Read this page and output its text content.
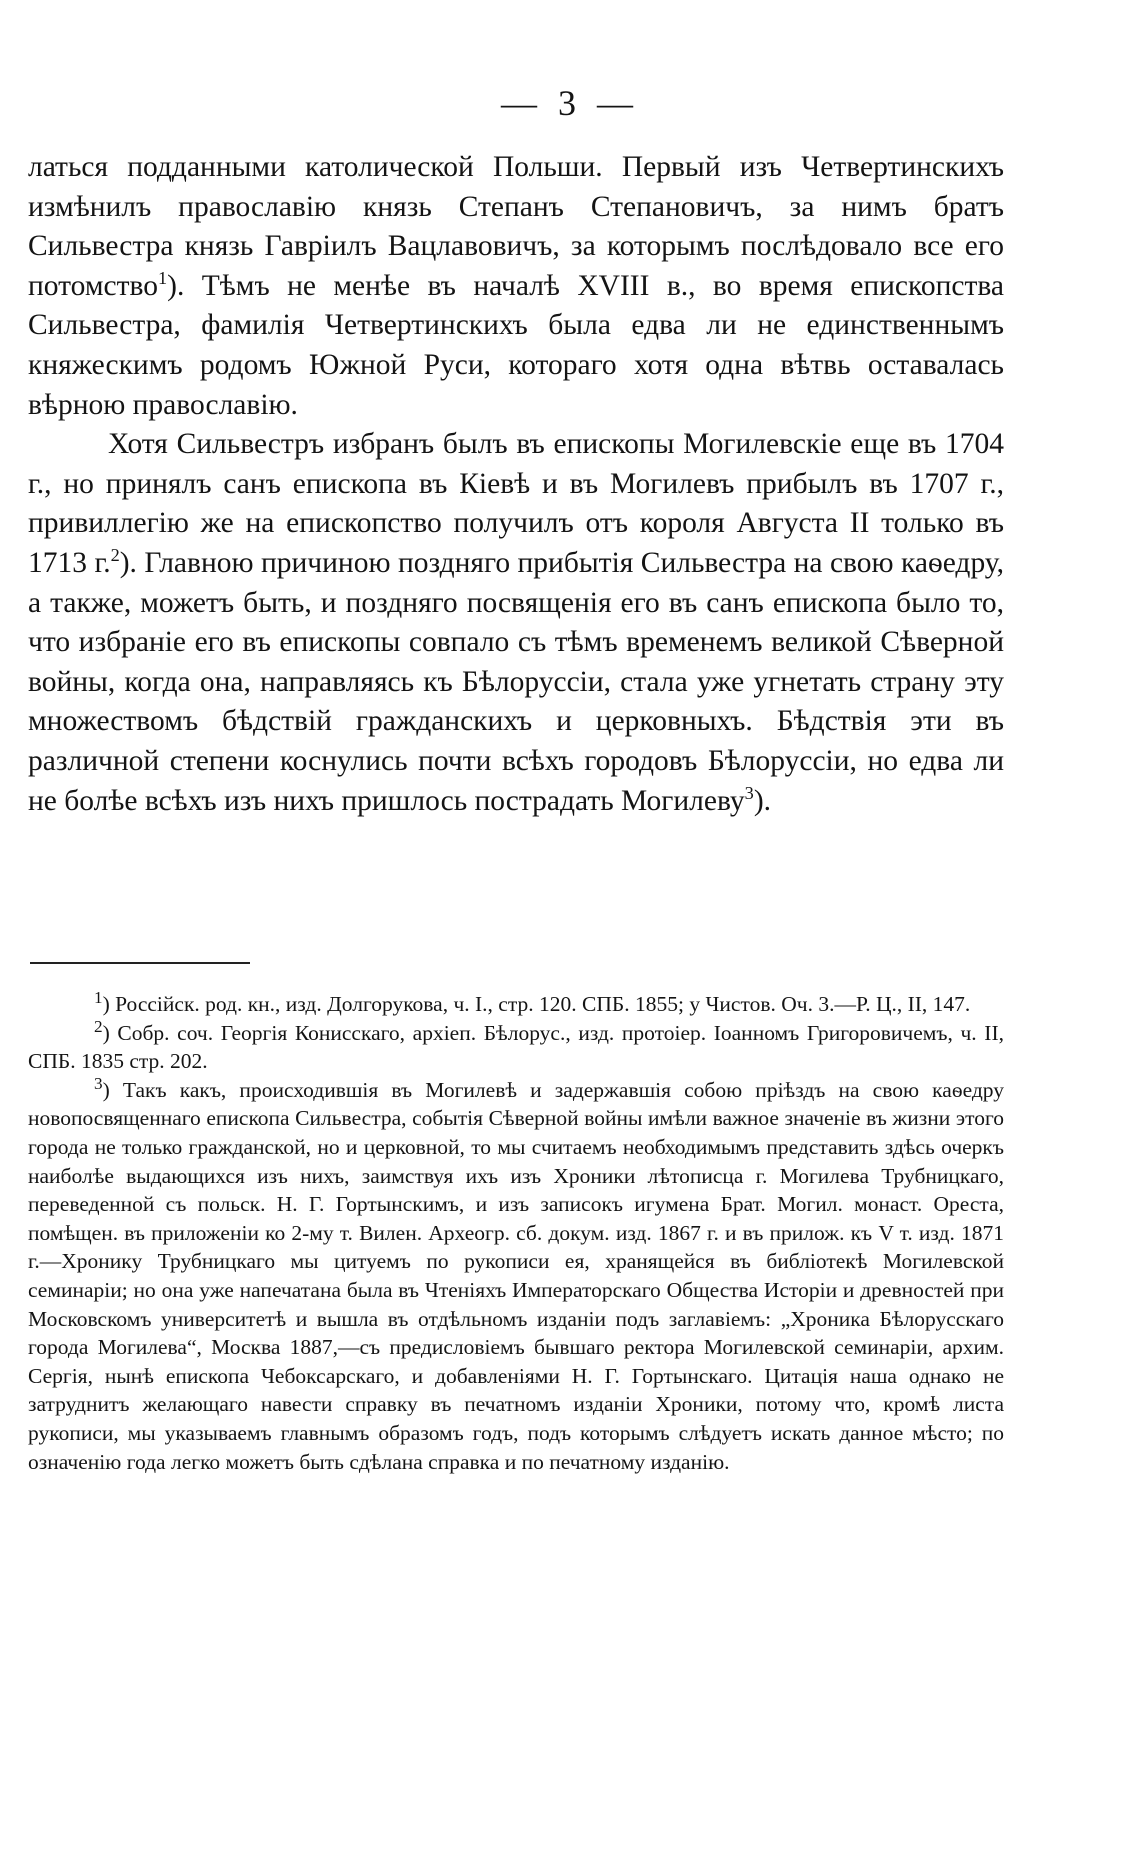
— 3 —

латься подданными католической Польши. Первый изъ Четвертинскихъ измѣнилъ православію князь Степанъ Степановичъ, за нимъ братъ Сильвестра князь Гавріилъ Вацлавовичъ, за которымъ послѣдовало все его потомство$^1$). Тѣмъ не менѣе въ началѣ XVIII в., во время епископства Сильвестра, фамилія Четвертинскихъ была едва ли не единственнымъ княжескимъ родомъ Южной Руси, котораго хотя одна вѣтвь оставалась вѣрною православію.

Хотя Сильвестръ избранъ былъ въ епископы Могилевскіе еще въ 1704 г., но принялъ санъ епископа въ Кіевѣ и въ Могилевъ прибылъ въ 1707 г., привиллегію же на епископство получилъ отъ короля Августа II только въ 1713 г.$^2$). Главною причиною поздняго прибытія Сильвестра на свою каѳедру, а также, можетъ быть, и поздняго посвященія его въ санъ епископа было то, что избраніе его въ епископы совпало съ тѣмъ временемъ великой Сѣверной войны, когда она, направляясь къ Бѣлоруссіи, стала уже угнетать страну эту множествомъ бѣдствій гражданскихъ и церковныхъ. Бѣдствія эти въ различной степени коснулись почти всѣхъ городовъ Бѣлоруссіи, но едва ли не болѣе всѣхъ изъ нихъ пришлось пострадать Могилеву$^3$).

$^1$) Россійск. род. кн., изд. Долгорукова, ч. I., стр. 120. СПБ. 1855; у Чистов. Оч. 3.—Р. Ц., II, 147.

$^2$) Собр. соч. Георгія Конисскаго, архіеп. Бѣлорус., изд. протоіер. Іоанномъ Григоровичемъ, ч. II, СПБ. 1835 стр. 202.

$^3$) Такъ какъ, происходившія въ Могилевѣ и задержавшія собою пріѣздъ на свою каѳедру новопосвященнаго епископа Сильвестра, событія Сѣверной войны имѣли важное значеніе въ жизни этого города не только гражданской, но и церковной, то мы считаемъ необходимымъ представить здѣсь очеркъ наиболѣе выдающихся изъ нихъ, заимствуя ихъ изъ Хроники лѣтописца г. Могилева Трубницкаго, переведенной съ польск. Н. Г. Гортынскимъ, и изъ записокъ игумена Брат. Могил. монаст. Ореста, помѣщен. въ приложеніи ко 2-му т. Вилен. Археогр. сб. докум. изд. 1867 г. и въ прилож. къ V т. изд. 1871 г.—Хронику Трубницкаго мы цитуемъ по рукописи ея, хранящейся въ библіотекѣ Могилевской семинаріи; но она уже напечатана была въ Чтеніяхъ Императорскаго Общества Исторіи и древностей при Московскомъ университетѣ и вышла въ отдѣльномъ изданіи подъ заглавіемъ: „Хроника Бѣлорусскаго города Могилева“, Москва 1887,—съ предисловіемъ бывшаго ректора Могилевской семинаріи, архим. Сергія, нынѣ епископа Чебоксарскаго, и добавленіями Н. Г. Гортынскаго. Цитація наша однако не затруднитъ желающаго навести справку въ печатномъ изданіи Хроники, потому что, кромѣ листа рукописи, мы указываемъ главнымъ образомъ годъ, подъ которымъ слѣдуетъ искать данное мѣсто; по означенію года легко можетъ быть сдѣлана справка и по печатному изданію.
